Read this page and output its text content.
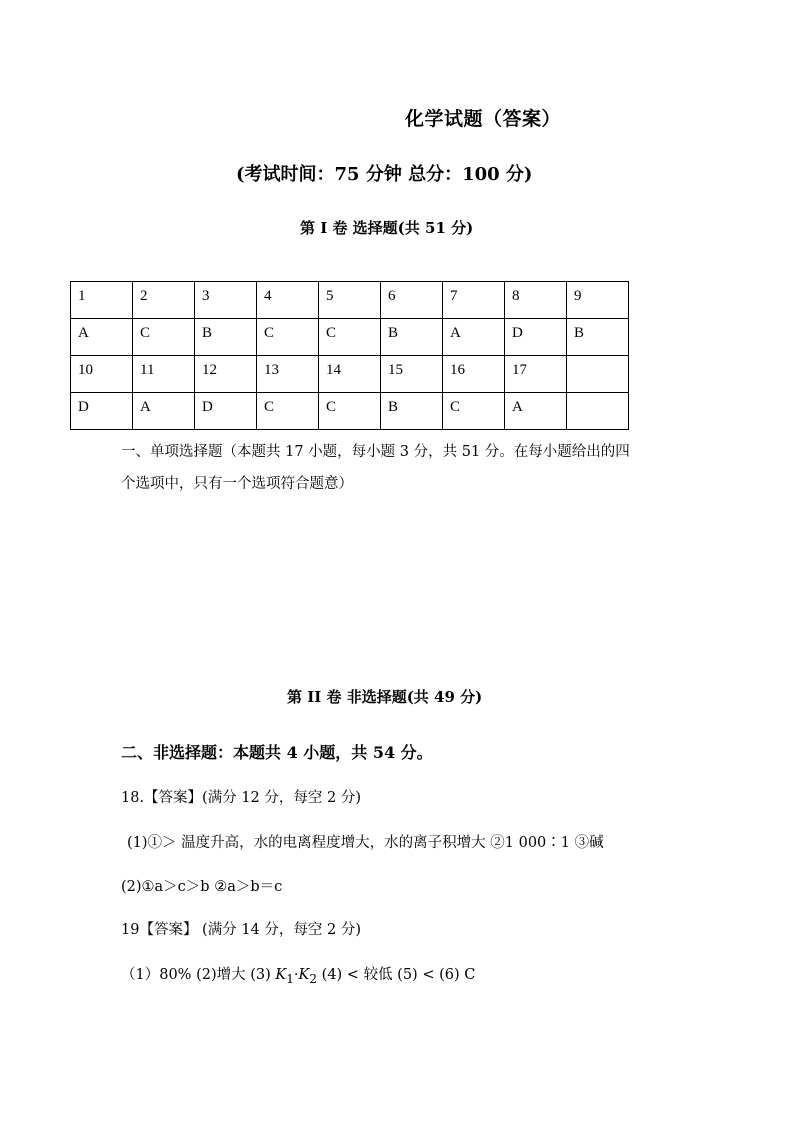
化学试题（答案）
(考试时间：75 分钟 总分：100 分)
第 I 卷 选择题(共 51 分)
1	2	3	4	5	6	7	8	9
A	C	B	C	C	B	A	D	B
10	11	12	13	14	15	16	17	
D	A	D	C	C	B	C	A	
一、单项选择题（本题共 17 小题，每小题 3 分，共 51 分。在每小题给出的四
个选项中，只有一个选项符合题意）
第 II 卷 非选择题(共 49 分)
二、非选择题：本题共 4 小题，共 54 分。
18.【答案】(满分 12 分，每空 2 分)
(1)①＞ 温度升高，水的电离程度增大，水的离子积增大 ②1 000∶1 ③碱
(2)①a＞c＞b ②a＞b＝c
19【答案】 (满分 14 分，每空 2 分)
（1）80% (2)增大 (3) $K_1\cdot K_2$ (4) < 较低 (5) < (6) C
